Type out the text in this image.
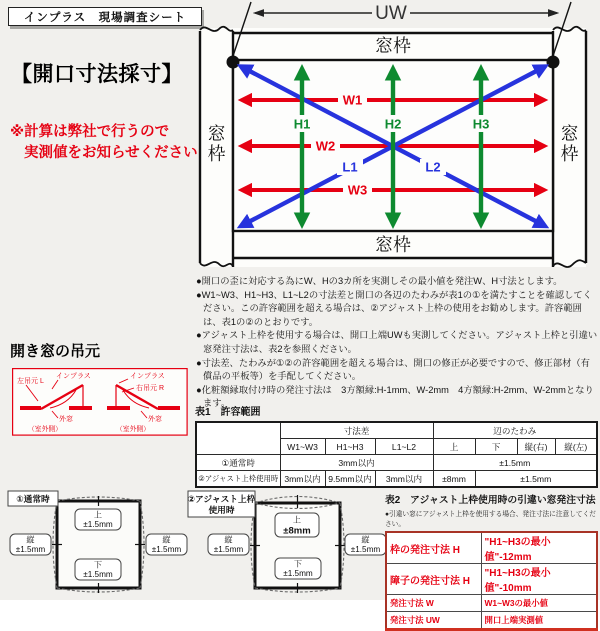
インプラス　現場調査シート
【開口寸法採寸】
※計算は弊社で行うので
実測値をお知らせください
UW
W1
W2
W3
L1	L2
H1	H2	H3
窓枠
窓枠
窓
枠
窓
枠
●開口の歪に対応する為にW、Hの3カ所を実測しその最小値を発注W、H寸法とします。
●W1~W3、H1~H3、L1~L2の寸法差と開口の各辺のたわみが表1の①を満たすことを確認してください。この許容範囲を超える場合は、②アジャスト上枠の使用をお勧めします。許容範囲は、表1の②のとおりです。
●アジャスト上枠を使用する場合は、開口上端UWも実測してください。アジャスト上枠と引違い窓発注寸法は、表2を参照ください。
●寸法差、たわみが①②の許容範囲を超える場合は、開口の修正が必要ですので、修正部材（有償品の平板等）を手配してください。
●化粧額縁取付け時の発注寸法は　3方額縁:H-1mm、W-2mm　4方額縁:H-2mm、W-2mmとなります。
開き窓の吊元
左吊元 L
インプラス
外窓
（室外側）
インプラス
右吊元 R
外窓
（室外側）
表1　許容範囲
	寸法差			辺のたわみ			
	W1~W3	H1~H3	L1~L2	上	下	縦(右)	縦(左)
①通常時	3mm以内			±1.5mm			
②アジャスト上枠使用時	3mm以内	9.5mm以内	3mm以内	±8mm	±1.5mm		
①通常時
上
±1.5mm
下
±1.5mm
縦
±1.5mm
縦
±1.5mm
②アジャスト上枠
使用時
上
±8mm
下
±1.5mm
縦
±1.5mm
縦
±1.5mm
表2　アジャスト上枠使用時の引違い窓発注寸法
●引違い窓にアジャスト上枠を使用する場合、発注寸法に注意してください。
枠の発注寸法 H	"H1~H3の最小値"-12mm
障子の発注寸法 H	"H1~H3の最小値"-10mm
発注寸法 W	W1~W3の最小値
発注寸法 UW	開口上端実測値
